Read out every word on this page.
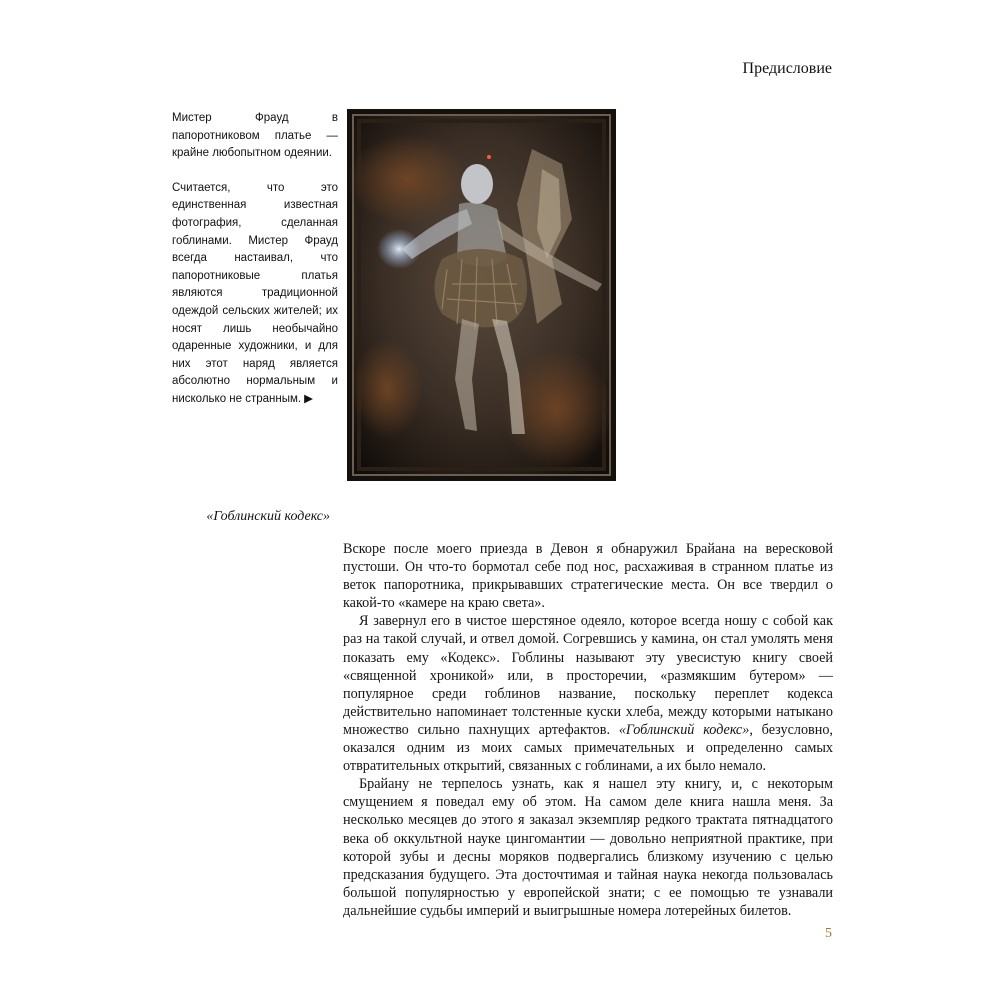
Предисловие

Мистер Фрауд в папоротниковом платье — крайне любопытном одеянии.

Считается, что это единственная известная фотография, сделанная гоблинами. Мистер Фрауд всегда настаивал, что папоротниковые платья являются традиционной одеждой сельских жителей; их носят лишь необычайно одаренные художники, и для них этот наряд является абсолютно нормальным и нисколько не странным. ▶

«Гоблинский кодекс»

Вскоре после моего приезда в Девон я обнаружил Брайана на вересковой пустоши. Он что-то бормотал себе под нос, расхаживая в странном платье из веток папоротника, прикрывавших стратегические места. Он все твердил о какой-то «камере на краю света».

Я завернул его в чистое шерстяное одеяло, которое всегда ношу с собой как раз на такой случай, и отвел домой. Согревшись у камина, он стал умолять меня показать ему «Кодекс». Гоблины называют эту увесистую книгу своей «священной хроникой» или, в просторечии, «размякшим бутером» — популярное среди гоблинов название, поскольку переплет кодекса действительно напоминает толстенные куски хлеба, между которыми натыкано множество сильно пахнущих артефактов. «Гоблинский кодекс», безусловно, оказался одним из моих самых примечательных и определенно самых отвратительных открытий, связанных с гоблинами, а их было немало.

Брайану не терпелось узнать, как я нашел эту книгу, и, с некоторым смущением я поведал ему об этом. На самом деле книга нашла меня. За несколько месяцев до этого я заказал экземпляр редкого трактата пятнадцатого века об оккультной науке цингомантии — довольно неприятной практике, при которой зубы и десны моряков подвергались близкому изучению с целью предсказания будущего. Эта досточтимая и тайная наука некогда пользовалась большой популярностью у европейской знати; с ее помощью те узнавали дальнейшие судьбы империй и выигрышные номера лотерейных билетов.

5
